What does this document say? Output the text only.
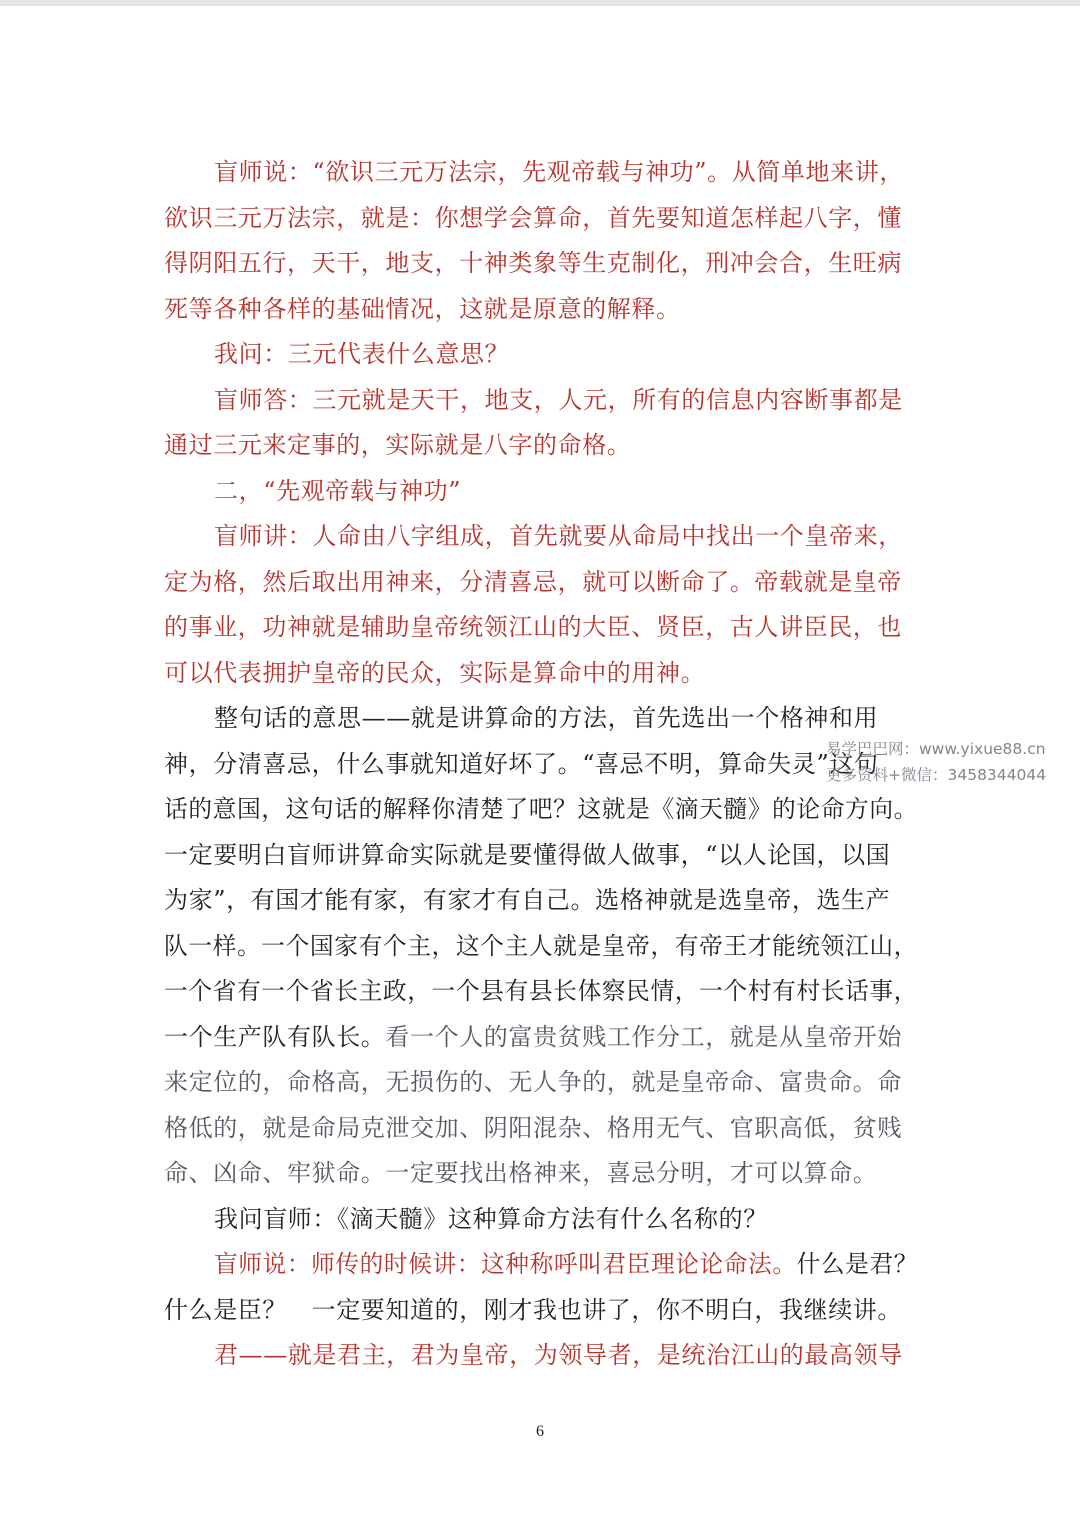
盲师说：“欲识三元万法宗，先观帝载与神功”。从简单地来讲，
欲识三元万法宗，就是：你想学会算命，首先要知道怎样起八字，懂
得阴阳五行，天干，地支，十神类象等生克制化，刑冲会合，生旺病
死等各种各样的基础情况，这就是原意的解释。
我问：三元代表什么意思？
盲师答：三元就是天干，地支，人元，所有的信息内容断事都是
通过三元来定事的，实际就是八字的命格。
二，“先观帝载与神功”
盲师讲：人命由八字组成，首先就要从命局中找出一个皇帝来，
定为格，然后取出用神来，分清喜忌，就可以断命了。帝载就是皇帝
的事业，功神就是辅助皇帝统领江山的大臣、贤臣，古人讲臣民，也
可以代表拥护皇帝的民众，实际是算命中的用神。
整句话的意思——就是讲算命的方法，首先选出一个格神和用
神，分清喜忌，什么事就知道好坏了。“喜忌不明，算命失灵”这句
话的意国，这句话的解释你清楚了吧？这就是《滴天髓》的论命方向。
一定要明白盲师讲算命实际就是要懂得做人做事，“以人论国，以国
为家”，有国才能有家，有家才有自己。选格神就是选皇帝，选生产
队一样。一个国家有个主，这个主人就是皇帝，有帝王才能统领江山，
一个省有一个省长主政，一个县有县长体察民情，一个村有村长话事，
一个生产队有队长。看一个人的富贵贫贱工作分工，就是从皇帝开始
来定位的，命格高，无损伤的、无人争的，就是皇帝命、富贵命。命
格低的，就是命局克泄交加、阴阳混杂、格用无气、官职高低，贫贱
命、凶命、牢狱命。一定要找出格神来，喜忌分明，才可以算命。
我问盲师：《滴天髓》这种算命方法有什么名称的？
盲师说：师传的时候讲：这种称呼叫君臣理论论命法。什么是君？
什么是臣？　一定要知道的，刚才我也讲了，你不明白，我继续讲。
君——就是君主，君为皇帝，为领导者，是统治江山的最高领导
易学巴巴网：www.yixue88.cn
更多资料+微信：3458344044
6
